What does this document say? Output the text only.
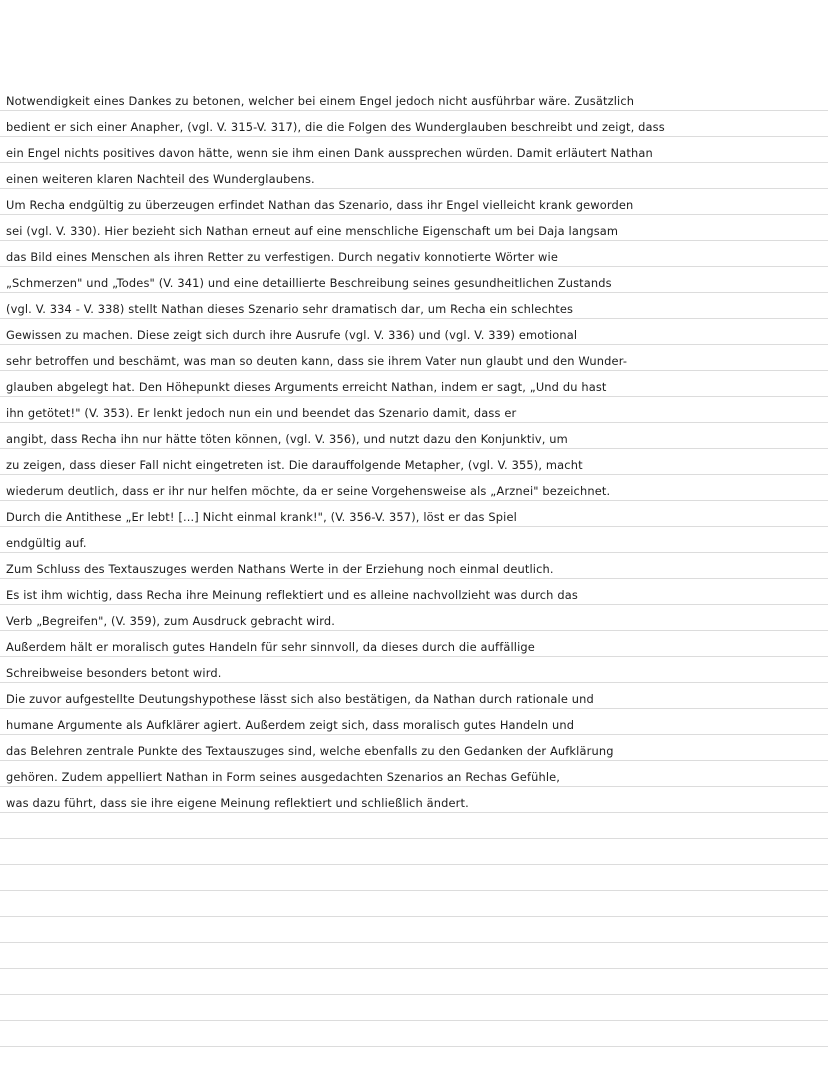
Notwendigkeit eines Dankes zu betonen, welcher bei einem Engel jedoch nicht ausführbar wäre. Zusätzlich
bedient er sich einer Anapher, (vgl. V. 315-V. 317), die die Folgen des Wunderglauben beschreibt und zeigt, dass
ein Engel nichts positives davon hätte, wenn sie ihm einen Dank aussprechen würden. Damit erläutert Nathan
einen weiteren klaren Nachteil des Wunderglaubens.
Um Recha endgültig zu überzeugen erfindet Nathan das Szenario, dass ihr Engel vielleicht krank geworden
sei (vgl. V. 330). Hier bezieht sich Nathan erneut auf eine menschliche Eigenschaft um bei Daja langsam
das Bild eines Menschen als ihren Retter zu verfestigen. Durch negativ konnotierte Wörter wie
„Schmerzen" und „Todes" (V. 341) und eine detaillierte Beschreibung seines gesundheitlichen Zustands
(vgl. V. 334 - V. 338) stellt Nathan dieses Szenario sehr dramatisch dar, um Recha ein schlechtes
Gewissen zu machen. Diese zeigt sich durch ihre Ausrufe (vgl. V. 336) und (vgl. V. 339) emotional
sehr betroffen und beschämt, was man so deuten kann, dass sie ihrem Vater nun glaubt und den Wunder-
glauben abgelegt hat. Den Höhepunkt dieses Arguments erreicht Nathan, indem er sagt, „Und du hast
ihn getötet!" (V. 353). Er lenkt jedoch nun ein und beendet das Szenario damit, dass er
angibt, dass Recha ihn nur hätte töten können, (vgl. V. 356), und nutzt dazu den Konjunktiv, um
zu zeigen, dass dieser Fall nicht eingetreten ist. Die darauffolgende Metapher, (vgl. V. 355), macht
wiederum deutlich, dass er ihr nur helfen möchte, da er seine Vorgehensweise als „Arznei" bezeichnet.
Durch die Antithese „Er lebt! [...] Nicht einmal krank!", (V. 356-V. 357), löst er das Spiel
endgültig auf.
Zum Schluss des Textauszuges werden Nathans Werte in der Erziehung noch einmal deutlich.
Es ist ihm wichtig, dass Recha ihre Meinung reflektiert und es alleine nachvollzieht was durch das
Verb „Begreifen", (V. 359), zum Ausdruck gebracht wird.
Außerdem hält er moralisch gutes Handeln für sehr sinnvoll, da dieses durch die auffällige
Schreibweise besonders betont wird.
Die zuvor aufgestellte Deutungshypothese lässt sich also bestätigen, da Nathan durch rationale und
humane Argumente als Aufklärer agiert. Außerdem zeigt sich, dass moralisch gutes Handeln und
das Belehren zentrale Punkte des Textauszuges sind, welche ebenfalls zu den Gedanken der Aufklärung
gehören. Zudem appelliert Nathan in Form seines ausgedachten Szenarios an Rechas Gefühle,
was dazu führt, dass sie ihre eigene Meinung reflektiert und schließlich ändert.
